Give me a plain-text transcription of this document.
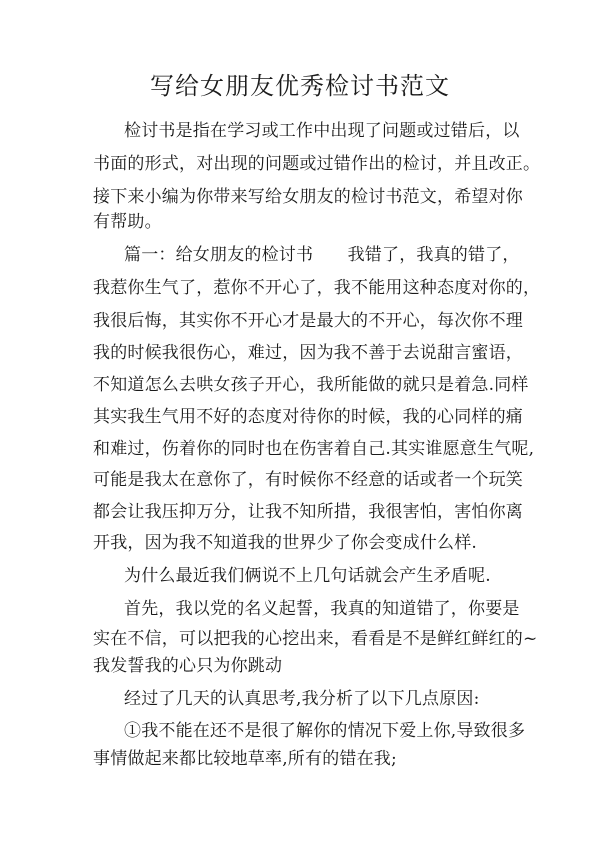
写给女朋友优秀检讨书范文
检讨书是指在学习或工作中出现了问题或过错后，以
书面的形式，对出现的问题或过错作出的检讨，并且改正。
接下来小编为你带来写给女朋友的检讨书范文，希望对你
有帮助。
篇一：给女朋友的检讨书　　我错了，我真的错了，
我惹你生气了，惹你不开心了，我不能用这种态度对你的，
我很后悔，其实你不开心才是最大的不开心，每次你不理
我的时候我很伤心，难过，因为我不善于去说甜言蜜语，
不知道怎么去哄女孩子开心，我所能做的就只是着急.同样
其实我生气用不好的态度对待你的时候，我的心同样的痛
和难过，伤着你的同时也在伤害着自己.其实谁愿意生气呢,
可能是我太在意你了，有时候你不经意的话或者一个玩笑
都会让我压抑万分，让我不知所措，我很害怕，害怕你离
开我，因为我不知道我的世界少了你会变成什么样.
为什么最近我们俩说不上几句话就会产生矛盾呢.
首先，我以党的名义起誓，我真的知道错了，你要是
实在不信，可以把我的心挖出来，看看是不是鲜红鲜红的~
我发誓我的心只为你跳动
经过了几天的认真思考,我分析了以下几点原因:
①我不能在还不是很了解你的情况下爱上你,导致很多
事情做起来都比较地草率,所有的错在我;
